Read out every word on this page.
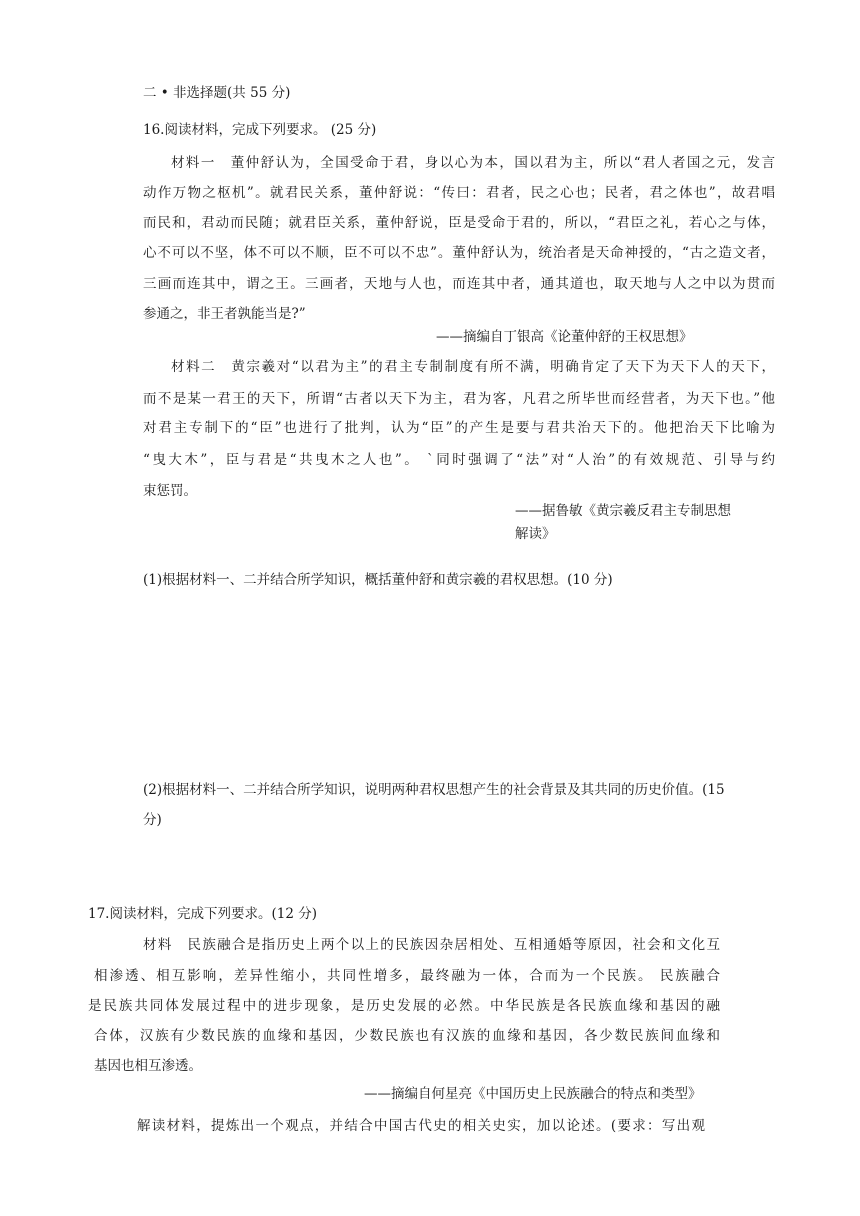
二 • 非选择题(共 55 分)
16.阅读材料，完成下列要求。 (25 分)
材料一　董仲舒认为，全国受命于君，身以心为本，国以君为主，所以“君人者国之元，发言
动作万物之枢机”。就君民关系，董仲舒说：“传曰：君者，民之心也；民者，君之体也”，故君唱
而民和，君动而民随；就君臣关系，董仲舒说，臣是受命于君的，所以，“君臣之礼，若心之与体，
心不可以不坚，体不可以不顺，臣不可以不忠”。董仲舒认为，统治者是天命神授的，“古之造文者，
三画而连其中，谓之王。三画者，天地与人也，而连其中者，通其道也，取天地与人之中以为贯而
参通之，非王者孰能当是?”
——摘编自丁银高《论董仲舒的王权思想》
材料二　黄宗羲对“以君为主”的君主专制制度有所不满，明确肯定了天下为天下人的天下，
而不是某一君王的天下，所谓“古者以天下为主，君为客，凡君之所毕世而经营者，为天下也。”他
对君主专制下的“臣”也进行了批判，认为“臣”的产生是要与君共治天下的。他把治天下比喻为
“曳大木”，臣与君是“共曳木之人也”。 `同时强调了“法”对“人治”的有效规范、引导与约
束惩罚。
——据鲁敏《黄宗羲反君主专制思想
解读》
(1)根据材料一、二并结合所学知识，概括董仲舒和黄宗羲的君权思想。(10 分)
(2)根据材料一、二并结合所学知识，说明两种君权思想产生的社会背景及其共同的历史价值。(15
分)
17.阅读材料，完成下列要求。(12 分)
材料　民族融合是指历史上两个以上的民族因杂居相处、互相通婚等原因，社会和文化互
相渗透、相互影响，差异性缩小，共同性增多，最终融为一体，合而为一个民族。 民族融合
是民族共同体发展过程中的进步现象，是历史发展的必然。中华民族是各民族血缘和基因的融
合体，汉族有少数民族的血缘和基因，少数民族也有汉族的血缘和基因，各少数民族间血缘和
基因也相互渗透。
——摘编自何星亮《中国历史上民族融合的特点和类型》
解读材料，提炼出一个观点，并结合中国古代史的相关史实，加以论述。(要求：写出观
